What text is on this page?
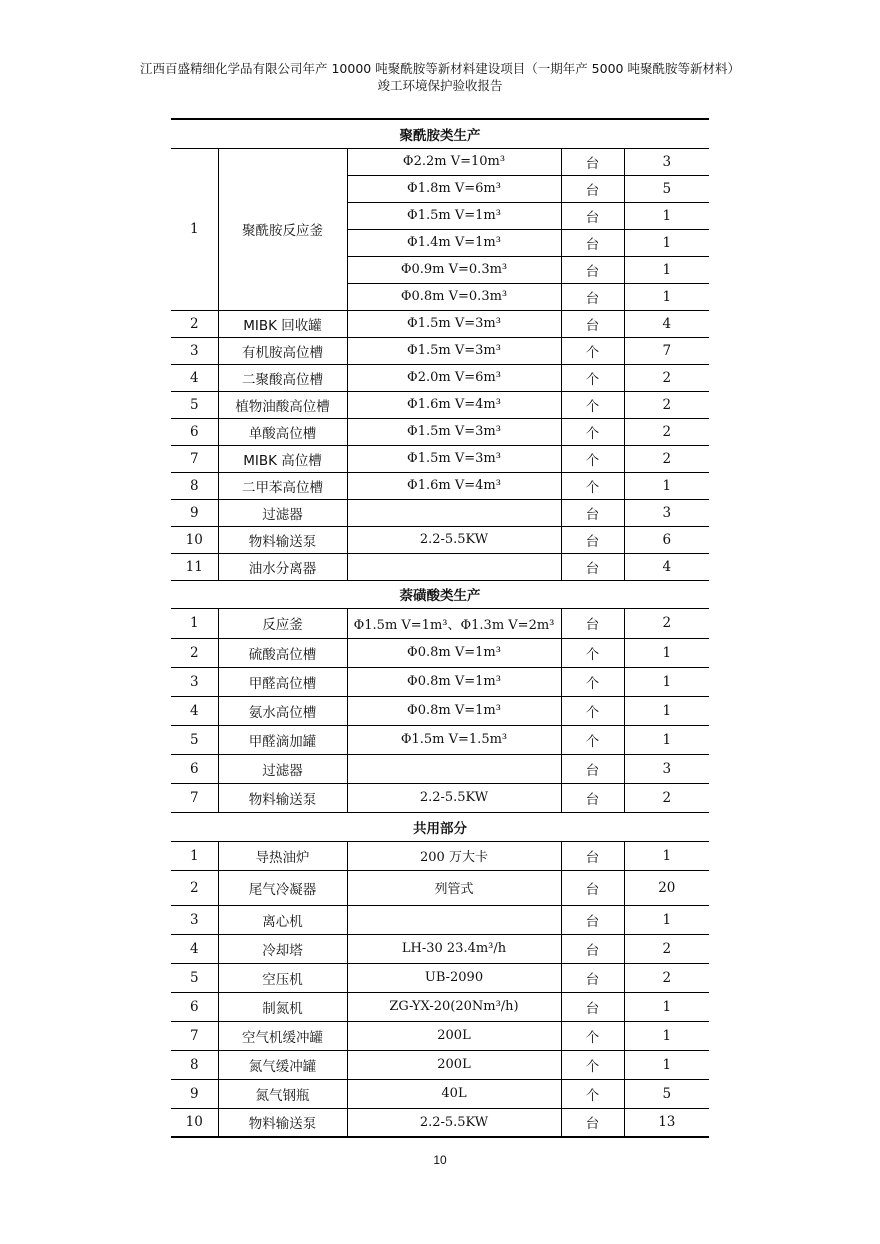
江西百盛精细化学品有限公司年产 10000 吨聚酰胺等新材料建设项目（一期年产 5000 吨聚酰胺等新材料）
竣工环境保护验收报告
聚酰胺类生产				
1	聚酰胺反应釜	Φ2.2m V=10m³	台	3
		Φ1.8m V=6m³	台	5
		Φ1.5m V=1m³	台	1
		Φ1.4m V=1m³	台	1
		Φ0.9m V=0.3m³	台	1
		Φ0.8m V=0.3m³	台	1
2	MIBK 回收罐	Φ1.5m V=3m³	台	4
3	有机胺高位槽	Φ1.5m V=3m³	个	7
4	二聚酸高位槽	Φ2.0m V=6m³	个	2
5	植物油酸高位槽	Φ1.6m V=4m³	个	2
6	单酸高位槽	Φ1.5m V=3m³	个	2
7	MIBK 高位槽	Φ1.5m V=3m³	个	2
8	二甲苯高位槽	Φ1.6m V=4m³	个	1
9	过滤器		台	3
10	物料输送泵	2.2-5.5KW	台	6
11	油水分离器		台	4
萘磺酸类生产				
1	反应釜	Φ1.5m V=1m³、Φ1.3m V=2m³	台	2
2	硫酸高位槽	Φ0.8m V=1m³	个	1
3	甲醛高位槽	Φ0.8m V=1m³	个	1
4	氨水高位槽	Φ0.8m V=1m³	个	1
5	甲醛滴加罐	Φ1.5m V=1.5m³	个	1
6	过滤器		台	3
7	物料输送泵	2.2-5.5KW	台	2
共用部分				
1	导热油炉	200 万大卡	台	1
2	尾气冷凝器	列管式	台	20
3	离心机		台	1
4	冷却塔	LH-30 23.4m³/h	台	2
5	空压机	UB-2090	台	2
6	制氮机	ZG-YX-20(20Nm³/h)	台	1
7	空气机缓冲罐	200L	个	1
8	氮气缓冲罐	200L	个	1
9	氮气钢瓶	40L	个	5
10	物料输送泵	2.2-5.5KW	台	13
10
